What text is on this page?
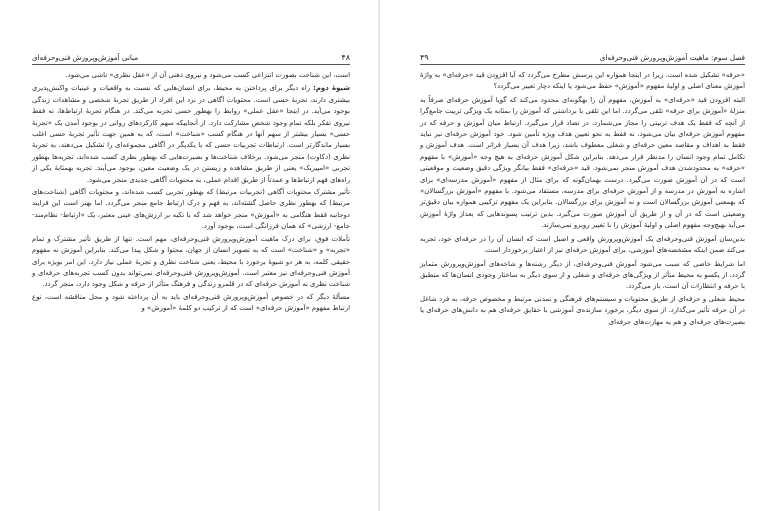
۴۸
مبانی آموزش‌وپرورش فنی‌وحرفه‌ای

است، این شناخت بصورت انتزاعی کسب می‌شود و نیروی ذهنی آن از «عقل نظری» ناشی می‌شود.

شیوهٔ دوم: راه دیگر برای پرداختن به محیط، برای انسان‌هایی که نسبت به واقعیات و عینیات واکنش‌پذیری بیشتری دارند، تجربهٔ حسی است. محتویات آگاهی در نزد این افراد از طریق تجربهٔ شخصی و مشاهدات زندگی بوجود می‌آید. در اینجا «عقل عملی» روابط را بهطور حسی تجربه می‌کند. در هنگام تجربهٔ ارتباط‌ها، نه فقط نیروی تفکر بلکه تمام وجود شخص مشارکت دارد. از آنجاییکه سهم کارکردهای روانی در بوجود آمدن یک «تجربهٔ حسی» بسیار بیشتر از سهم آنها در هنگام کسب «شناخت» است، که به همین جهت تأثیر تجربهٔ حسی اغلب بسیار ماندگارتر است. ارتباطات تجربیات حسی که با یکدیگر در آگاهی مجموعه‌ای را تشکیل می‌دهند، به تجربهٔ نظری (دکاوت) منجر می‌شود. برخلاف شناخت‌ها و بصیرت‌هایی که بهطور نظری کسب شده‌اند، تجربه‌ها بهطور تجربی «امپیریک» یعنی از طریق مشاهده و زیستن در یک وضعیت معین، بوجود می‌آیند. تجربه بهمثابهٔ یکی از راه‌های فهم ارتباط‌ها و عمدتاً از طریق اقدام عملی، به محتویات آگاهی جدیدی منجر می‌شود.

تأثیر مشترک محتویات آگاهی (تجربیات مرتبط) که بهطور تجربی کسب شده‌اند، و محتویات آگاهی (شناخت‌های مرتبط) که بهطور نظری حاصل گشته‌اند، به فهم و درک ارتباط جامع منجر می‌گردد. اما بهتر است این فرایند دوجانبه فقط هنگامی به «آموزش» منجر خواهد شد که با تکیه بر ارزش‌های عینی معتبر، یک «ارتباط- نظام‌مند- جامع- ارزشی» که همان فرزانگی است، بوجود آورد.

تأملات فوق، برای درک ماهیت آموزش‌وپرورش فنی‌وحرفه‌ای، مهم است. تنها از طریق تأثیر مشترک و تمام «تجربه» و «شناخت» است که به تصویر انسان از جهان، محتوا و شکل پیدا می‌کند. بنابراین آموزش نه مفهوم حقیقی کلمه، به هر دو شیوهٔ برخورد با محیط، یعنی شناخت نظری و تجربهٔ عملی نیاز دارد. این امر بویژه برای آموزش فنی‌وحرفه‌ای نیز معتبر است. آموزش‌وپرورش فنی‌وحرفه‌ای نمی‌تواند بدون کسب تجربه‌های حرفه‌ای و شناخت نظری به آموزش حرفه‌ای که در قلمرو زندگی و فرهنگ متأثر از حرفه و شکل وجود دارد، منجر گردد.

مسألهٔ دیگر که در خصوص آموزش‌وپرورش فنی‌وحرفه‌ای باید به آن پرداخته شود و محل مناقشه است، نوع ارتباط مفهوم «آموزش حرفه‌ای» است که از ترکیب دو کلمهٔ «آموزش» و

فصل سوم: ماهیت آموزش‌وپرورش فنی‌وحرفه‌ای
۴۹

«حرفه» تشکیل شده است. زیرا در اینجا همواره این پرسش مطرح می‌گردد که آیا افزودن قید «حرفه‌ای» به واژهٔ آموزش معنای اصلی و اولیهٔ مفهوم «آموزش» حفظ می‌شود یا اینکه دچار تغییر می‌گردد؟

البته افزودن قید «حرفه‌ای» به آموزش، مفهوم آن را بهگونه‌ای محدود می‌کند که گویا آموزش حرفه‌ای صرفاً به منزلهٔ «آموزش برای حرفه» تلقی می‌گردد. اما این تلقی با برداشتی که آموزش را بمثابه یک ویژگی تربیت جامع‌گرا از آنچه که فقط یک هدف تربیتی را مجاز می‌شمارد، در تضاد قرار می‌گیرد. ارتباط میان آموزش و حرفه که در مفهوم آموزش حرفه‌ای بیان می‌شود، نه فقط به نحو تعیین هدف ویژه تأمین شود. خود آموزش حرفه‌ای نیز نباید فقط به اهداف و مقاصد معین حرفه‌ای و شغلی معطوف باشد، زیرا هدف آن بسیار فراتر است. هدف آموزش و تکامل تمام وجود انسان را مدنظر قرار می‌دهد. بنابراین شکل آموزش حرفه‌ای به هیچ وجه «آموزش» با مفهوم «حرفه» به محدودشدن هدف آموزش منجر نمی‌شود. قید «حرفه‌ای» فقط بیانگر ویژگی دقیق وضعیت و موقعیتی است که در آن آموزش صورت می‌گیرد. درست بهمان‌گونه که برای مثال از مفهوم «آموزش مدرسه‌ای» برای اشاره به آموزش در مدرسه و از آموزش حرفه‌ای برای مدرسه، مستفاد می‌شود. با مفهوم «آموزش بزرگسالان» که بهمعنی آموزش بزرگسالان است و نه آموزش برای بزرگسالان. بنابراین یک مفهوم ترکیبی همواره بیان دقیق‌تر وضعیتی است که در آن و از طریق آن آموزش صورت می‌گیرد. بدین ترتیب پسوندهایی که بعداز واژهٔ آموزش می‌آید بهیچ‌وجه مفهوم اصلی و اولیهٔ آموزش را با تغییر رو‌برو نمی‌سازند.

بدین‌سان آموزش فنی‌وحرفه‌ای یک آموزش‌وپرورش واقعی و اصیل است که انسان آن را در حرفه‌ای خود، تجربه می‌کند ضمن اینکه مشخصه‌های آموزشی، برای آموزش حرفه‌ای نیز از اعتبار برخوردار است.

اما شرایط خاصی که سبب می‌شود آموزش فنی‌وحرفه‌ای، از دیگر رشته‌ها و شاخه‌های آموزش‌وپرورش متمایز گردد، از یکسو به محیط متأثر از ویژگی‌های حرفه‌ای و شغلی و از سوی دیگر به ساختار وجودی انسان‌ها که منطبق با حرفه و انتظارات آن است، باز می‌گردد.

محیط شغلی و حرفه‌ای از طریق محتویات و سیستم‌های فرهنگی و تمدنی مرتبط و مخصوص حرفه، به فرد شاغل در آن حرفه تأثیر می‌گذارد. از سوی دیگر، برخورد سازنده‌ی آموزشی با حقایق حرفه‌ای هم به دانش‌های حرفه‌ای یا بصیرت‌های حرفه‌ای و هم به مهارت‌های حرفه‌ای
